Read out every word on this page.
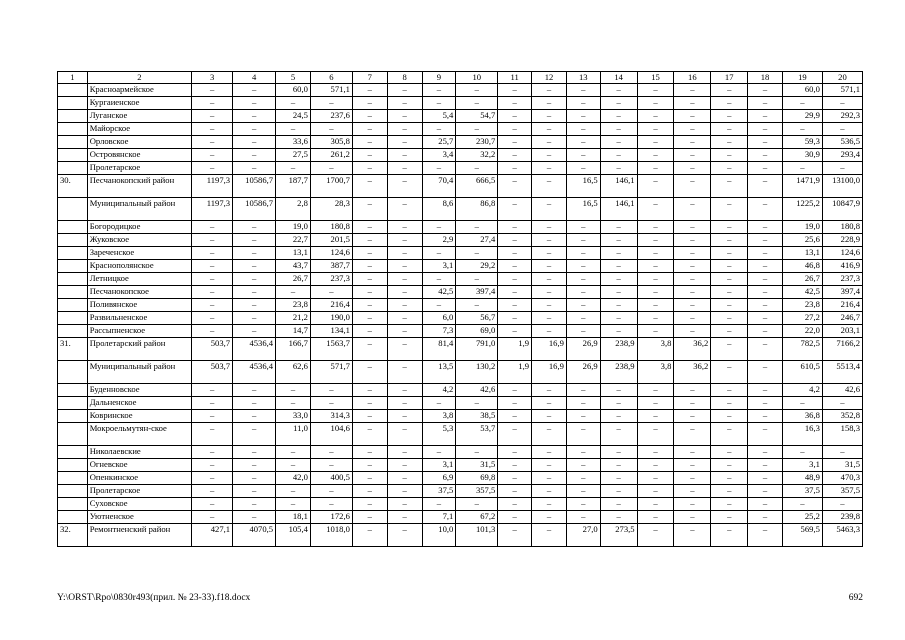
1	2	3	4	5	6	7	8	9	10	11	12	13	14	15	16	17	18	19	20
	Красноармейское	–	–	60,0	571,1	–	–	–	–	–	–	–	–	–	–	–	–	60,0	571,1
	Кургаиенское	–	–	–	–	–	–	–	–	–	–	–	–	–	–	–	–	–	–
	Луганское	–	–	24,5	237,6	–	–	5,4	54,7	–	–	–	–	–	–	–	–	29,9	292,3
	Майорское	–	–	–	–	–	–	–	–	–	–	–	–	–	–	–	–	–	–
	Орловское	–	–	33,6	305,8	–	–	25,7	230,7	–	–	–	–	–	–	–	–	59,3	536,5
	Островянское	–	–	27,5	261,2	–	–	3,4	32,2	–	–	–	–	–	–	–	–	30,9	293,4
	Пролетарское	–	–	–	–	–	–	–	–	–	–	–	–	–	–	–	–	–	–
30.	Песчанокопский район	1197,3	10586,7	187,7	1700,7	–	–	70,4	666,5	–	–	16,5	146,1	–	–	–	–	1471,9	13100,0
	Муниципальный район	1197,3	10586,7	2,8	28,3	–	–	8,6	86,8	–	–	16,5	146,1	–	–	–	–	1225,2	10847,9
	Богородицкое	–	–	19,0	180,8	–	–	–	–	–	–	–	–	–	–	–	–	19,0	180,8
	Жуковское	–	–	22,7	201,5	–	–	2,9	27,4	–	–	–	–	–	–	–	–	25,6	228,9
	Зареченское	–	–	13,1	124,6	–	–	–	–	–	–	–	–	–	–	–	–	13,1	124,6
	Краснополянское	–	–	43,7	387,7	–	–	3,1	29,2	–	–	–	–	–	–	–	–	46,8	416,9
	Летницкое	–	–	26,7	237,3	–	–	–	–	–	–	–	–	–	–	–	–	26,7	237,3
	Песчанокопское	–	–	–	–	–	–	42,5	397,4	–	–	–	–	–	–	–	–	42,5	397,4
	Поливянское	–	–	23,8	216,4	–	–	–	–	–	–	–	–	–	–	–	–	23,8	216,4
	Развильненское	–	–	21,2	190,0	–	–	6,0	56,7	–	–	–	–	–	–	–	–	27,2	246,7
	Рассыпненское	–	–	14,7	134,1	–	–	7,3	69,0	–	–	–	–	–	–	–	–	22,0	203,1
31.	Пролетарский район	503,7	4536,4	166,7	1563,7	–	–	81,4	791,0	1,9	16,9	26,9	238,9	3,8	36,2	–	–	782,5	7166,2
	Муниципальный район	503,7	4536,4	62,6	571,7	–	–	13,5	130,2	1,9	16,9	26,9	238,9	3,8	36,2	–	–	610,5	5513,4
	Буденновское	–	–	–	–	–	–	4,2	42,6	–	–	–	–	–	–	–	–	4,2	42,6
	Дальненское	–	–	–	–	–	–	–	–	–	–	–	–	–	–	–	–	–	–
	Ковринское	–	–	33,0	314,3	–	–	3,8	38,5	–	–	–	–	–	–	–	–	36,8	352,8
	Мокроельмутян-ское	–	–	11,0	104,6	–	–	5,3	53,7	–	–	–	–	–	–	–	–	16,3	158,3
	Николаевские	–	–	–	–	–	–	–	–	–	–	–	–	–	–	–	–	–	–
	Огневское	–	–	–	–	–	–	3,1	31,5	–	–	–	–	–	–	–	–	3,1	31,5
	Опенкинское	–	–	42,0	400,5	–	–	6,9	69,8	–	–	–	–	–	–	–	–	48,9	470,3
	Пролетарское	–	–	–	–	–	–	37,5	357,5	–	–	–	–	–	–	–	–	37,5	357,5
	Суховское	–	–	–	–	–	–	–	–	–	–	–	–	–	–	–	–	–	–
	Уютненское	–	–	18,1	172,6	–	–	7,1	67,2	–	–	–	–	–	–	–	–	25,2	239,8
32.	Ремонтненский район	427,1	4070,5	105,4	1018,0	–	–	10,0	101,3	–	–	27,0	273,5	–	–	–	–	569,5	5463,3
Y:\ORST\Rpo\0830r493(прил. № 23-33).f18.docx	692
